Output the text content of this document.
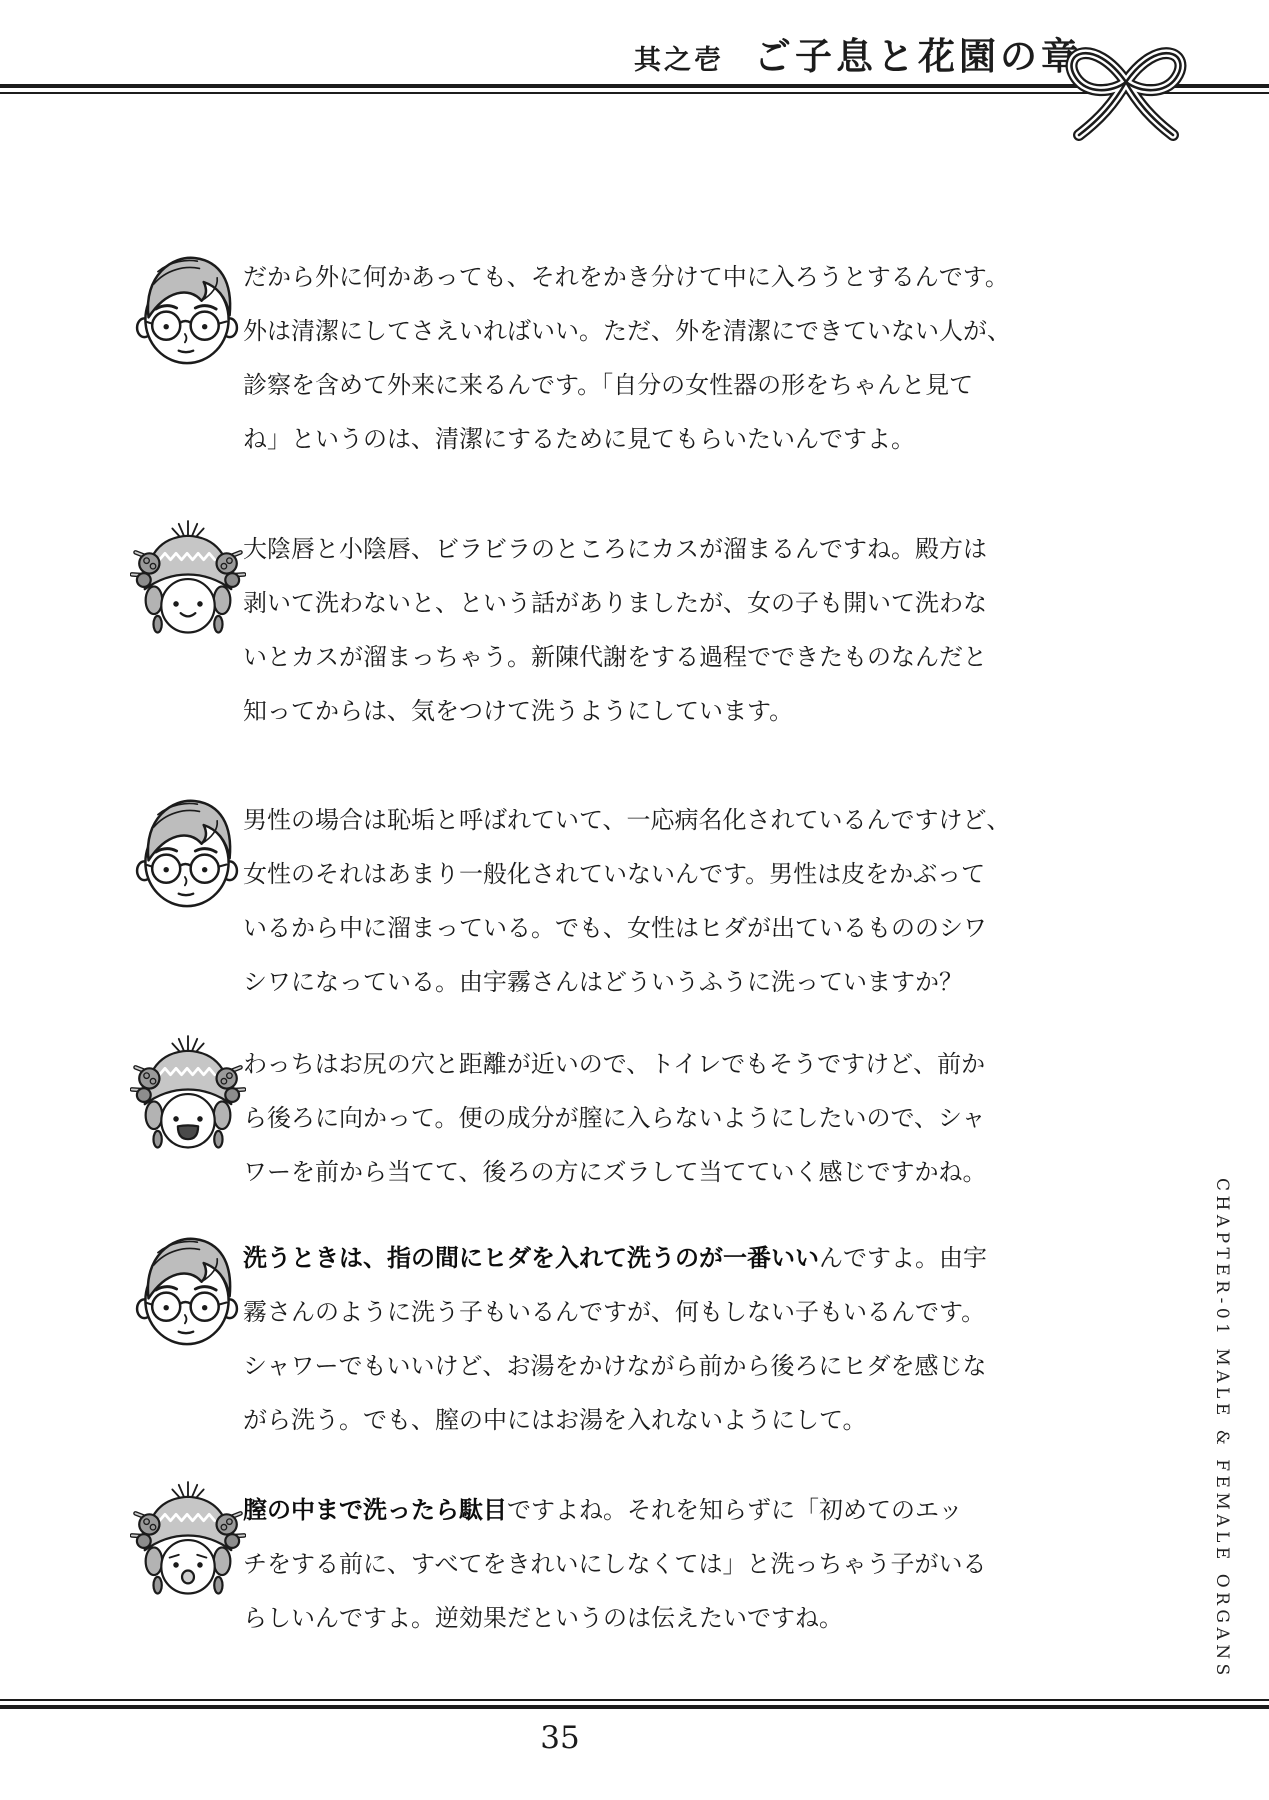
其之壱 ご子息と花園の章
だから外に何かあっても、それをかき分けて中に入ろうとするんです。
外は清潔にしてさえいればいい。ただ、外を清潔にできていない人が、
診察を含めて外来に来るんです。「自分の女性器の形をちゃんと見て
ね」というのは、清潔にするために見てもらいたいんですよ。
大陰唇と小陰唇、ビラビラのところにカスが溜まるんですね。殿方は
剥いて洗わないと、という話がありましたが、女の子も開いて洗わな
いとカスが溜まっちゃう。新陳代謝をする過程でできたものなんだと
知ってからは、気をつけて洗うようにしています。
男性の場合は恥垢と呼ばれていて、一応病名化されているんですけど、
女性のそれはあまり一般化されていないんです。男性は皮をかぶって
いるから中に溜まっている。でも、女性はヒダが出ているもののシワ
シワになっている。由宇霧さんはどういうふうに洗っていますか？
わっちはお尻の穴と距離が近いので、トイレでもそうですけど、前か
ら後ろに向かって。便の成分が膣に入らないようにしたいので、シャ
ワーを前から当てて、後ろの方にズラして当てていく感じですかね。
洗うときは、指の間にヒダを入れて洗うのが一番いいんですよ。由宇
霧さんのように洗う子もいるんですが、何もしない子もいるんです。
シャワーでもいいけど、お湯をかけながら前から後ろにヒダを感じな
がら洗う。でも、膣の中にはお湯を入れないようにして。
膣の中まで洗ったら駄目ですよね。それを知らずに「初めてのエッ
チをする前に、すべてをきれいにしなくては」と洗っちゃう子がいる
らしいんですよ。逆効果だというのは伝えたいですね。	CHAPTER-01 MALE & FEMALE ORGANS
35
